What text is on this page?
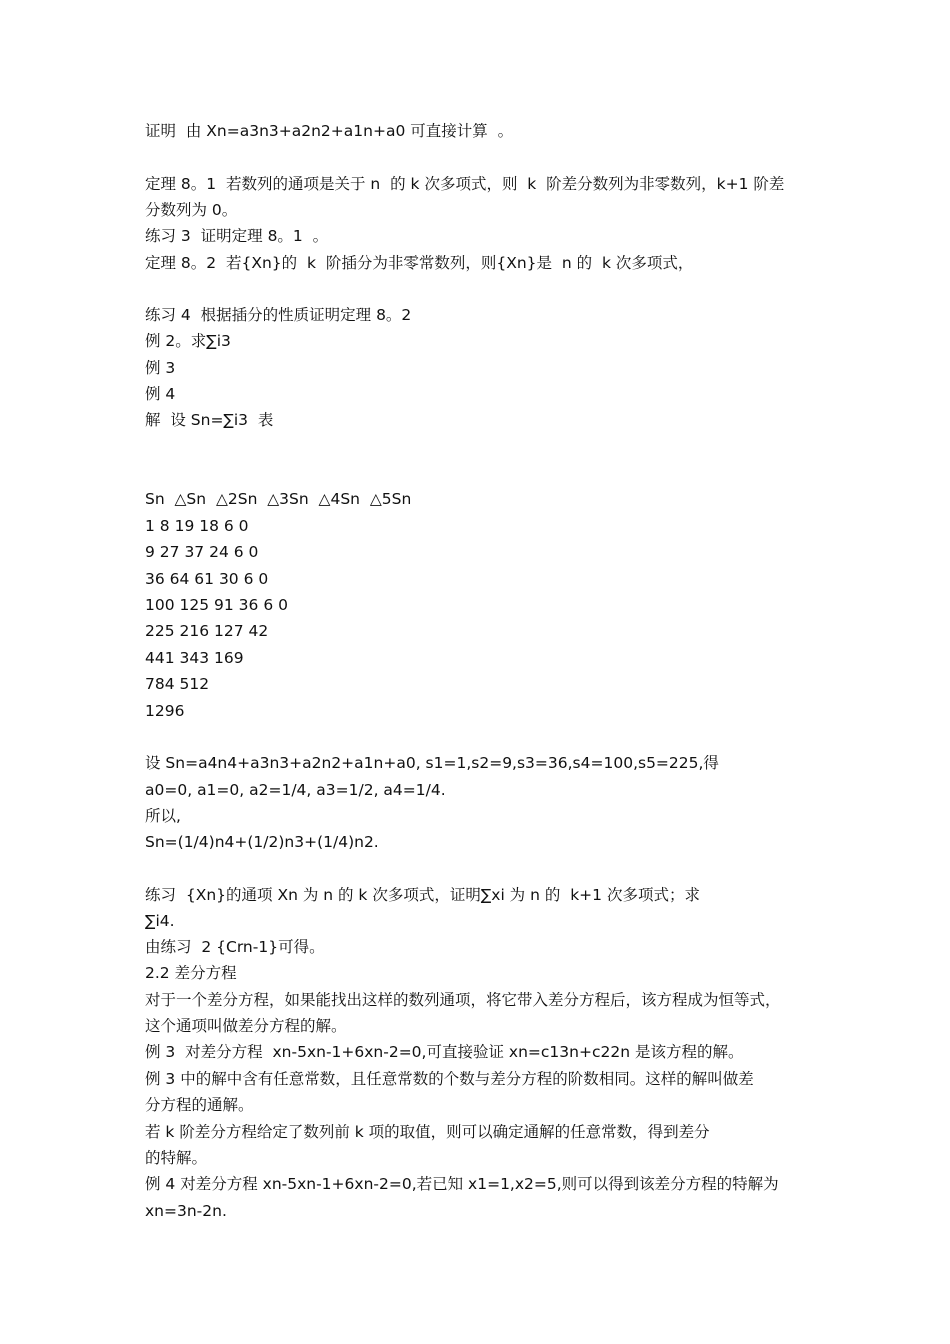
证明  由 Xn=a3n3+a2n2+a1n+a0 可直接计算  。
定理 8。1  若数列的通项是关于 n  的 k 次多项式，则  k  阶差分数列为非零数列，k+1 阶差
分数列为 0。
练习 3  证明定理 8。1  。
定理 8。2  若{Xn}的  k  阶插分为非零常数列，则{Xn}是  n 的  k 次多项式，
练习 4  根据插分的性质证明定理 8。2
例 2。求∑i3
例 3
例 4
解  设 Sn=∑i3  表
Sn  △Sn  △2Sn  △3Sn  △4Sn  △5Sn
1 8 19 18 6 0
9 27 37 24 6 0
36 64 61 30 6 0
100 125 91 36 6 0
225 216 127 42
441 343 169
784 512
1296
设 Sn=a4n4+a3n3+a2n2+a1n+a0, s1=1,s2=9,s3=36,s4=100,s5=225,得
a0=0, a1=0, a2=1/4, a3=1/2, a4=1/4.
所以,
Sn=(1/4)n4+(1/2)n3+(1/4)n2.
练习  {Xn}的通项 Xn 为 n 的 k 次多项式，证明∑xi 为 n 的  k+1 次多项式；求
∑i4.
由练习  2 {Crn-1}可得。
2.2 差分方程
对于一个差分方程，如果能找出这样的数列通项，将它带入差分方程后，该方程成为恒等式，
这个通项叫做差分方程的解。
例 3  对差分方程  xn-5xn-1+6xn-2=0,可直接验证 xn=c13n+c22n 是该方程的解。
例 3 中的解中含有任意常数，且任意常数的个数与差分方程的阶数相同。这样的解叫做差
分方程的通解。
若 k 阶差分方程给定了数列前 k 项的取值，则可以确定通解的任意常数，得到差分
的特解。
例 4 对差分方程 xn-5xn-1+6xn-2=0,若已知 x1=1,x2=5,则可以得到该差分方程的特解为
xn=3n-2n.
